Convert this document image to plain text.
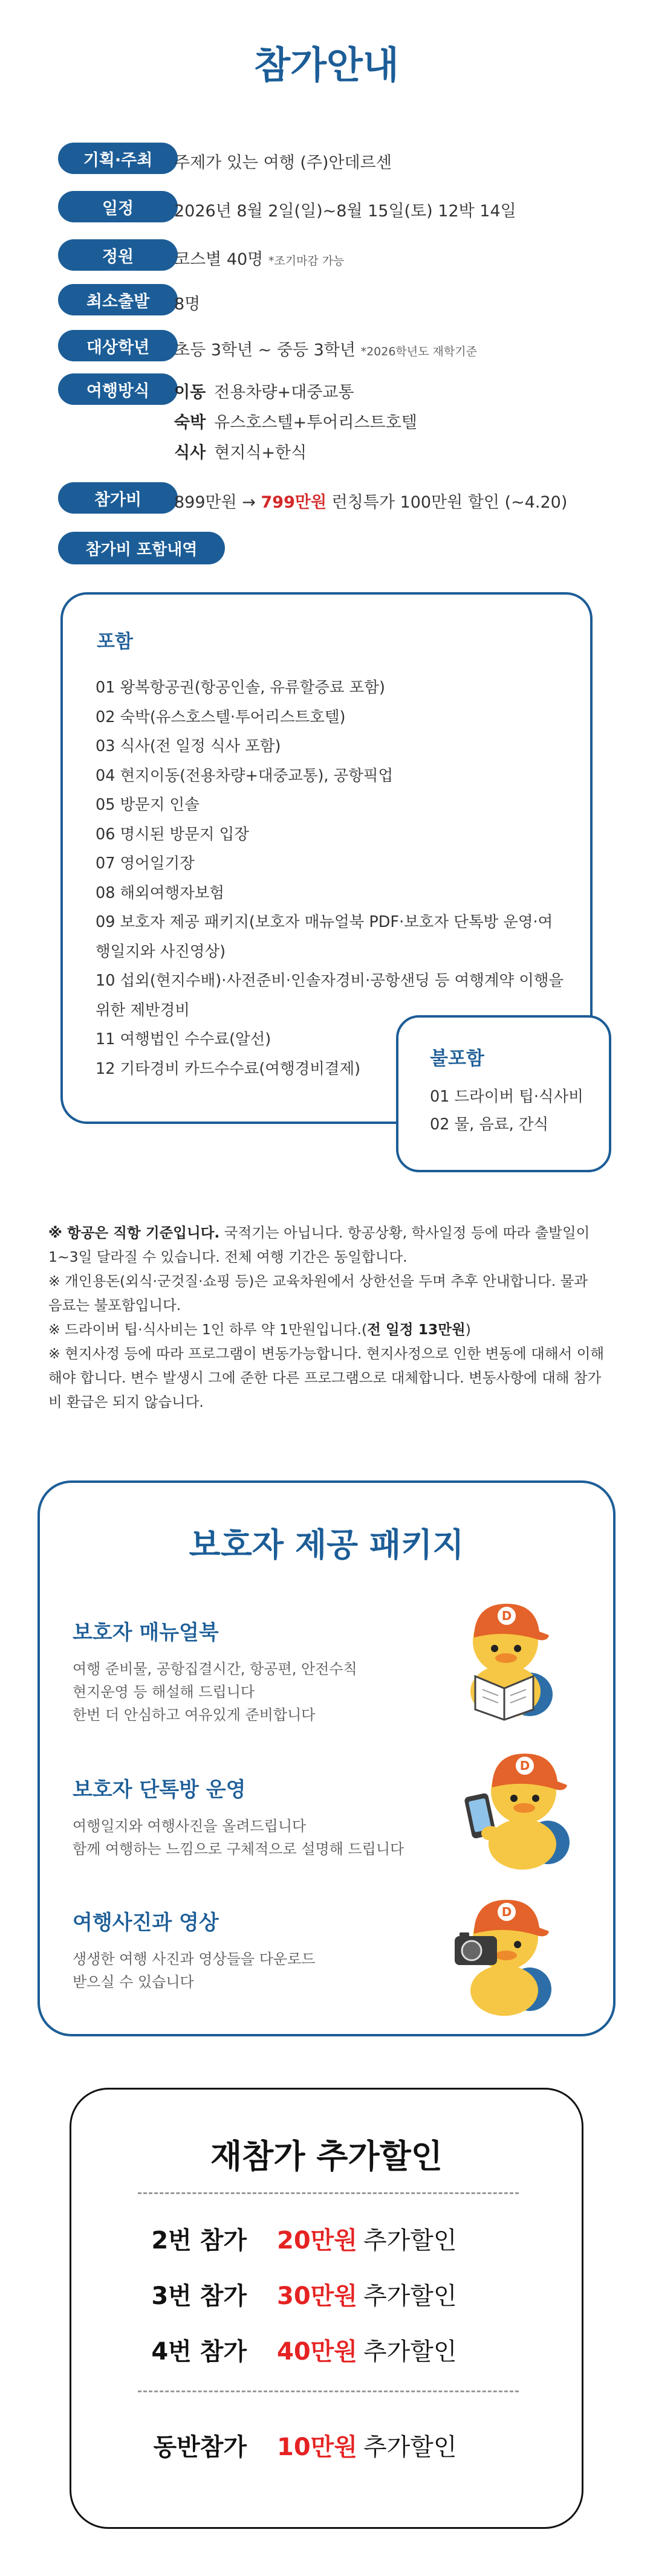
참가안내
기획·주최	주제가 있는 여행 (주)안데르센
일정	2026년 8월 2일(일)~8월 15일(토) 12박 14일
정원	코스별 40명 *조기마감 가능
최소출발	8명
대상학년	초등 3학년 ~ 중등 3학년 *2026학년도 재학기준
여행방식	이동 전용차량+대중교통
숙박 유스호스텔+투어리스트호텔
식사 현지식+한식
참가비	899만원 → 799만원 런칭특가 100만원 할인 (~4.20)
참가비 포함내역
포함
01 왕복항공권(항공인솔, 유류할증료 포함)
02 숙박(유스호스텔·투어리스트호텔)
03 식사(전 일정 식사 포함)
04 현지이동(전용차량+대중교통), 공항픽업
05 방문지 인솔
06 명시된 방문지 입장
07 영어일기장
08 해외여행자보험
09 보호자 제공 패키지(보호자 매뉴얼북 PDF·보호자 단톡방 운영·여행일지와 사진영상)
10 섭외(현지수배)·사전준비·인솔자경비·공항샌딩 등 여행계약 이행을 위한 제반경비
11 여행법인 수수료(알선)
12 기타경비 카드수수료(여행경비결제)	불포함
01 드라이버 팁·식사비
02 물, 음료, 간식

※ 항공은 직항 기준입니다. 국적기는 아닙니다. 항공상황, 학사일정 등에 따라 출발일이 1~3일 달라질 수 있습니다. 전체 여행 기간은 동일합니다.

※ 개인용돈(외식·군것질·쇼핑 등)은 교육차원에서 상한선을 두며 추후 안내합니다. 물과 음료는 불포함입니다.

※ 드라이버 팁·식사비는 1인 하루 약 1만원입니다.(전 일정 13만원)

※ 현지사정 등에 따라 프로그램이 변동가능합니다. 현지사정으로 인한 변동에 대해서 이해해야 합니다. 변수 발생시 그에 준한 다른 프로그램으로 대체합니다. 변동사항에 대해 참가비 환급은 되지 않습니다.

보호자 제공 패키지
보호자 매뉴얼북

여행 준비물, 공항집결시간, 항공편, 안전수칙

현지운영 등 해설해 드립니다

한번 더 안심하고 여유있게 준비합니다

보호자 단톡방 운영

여행일지와 여행사진을 올려드립니다

함께 여행하는 느낌으로 구체적으로 설명해 드립니다

여행사진과 영상

생생한 여행 사진과 영상들을 다운로드

받으실 수 있습니다

D
D
D
재참가 추가할인
2번 참가	20만원 추가할인
3번 참가	30만원 추가할인
4번 참가	40만원 추가할인
동반참가	10만원 추가할인
